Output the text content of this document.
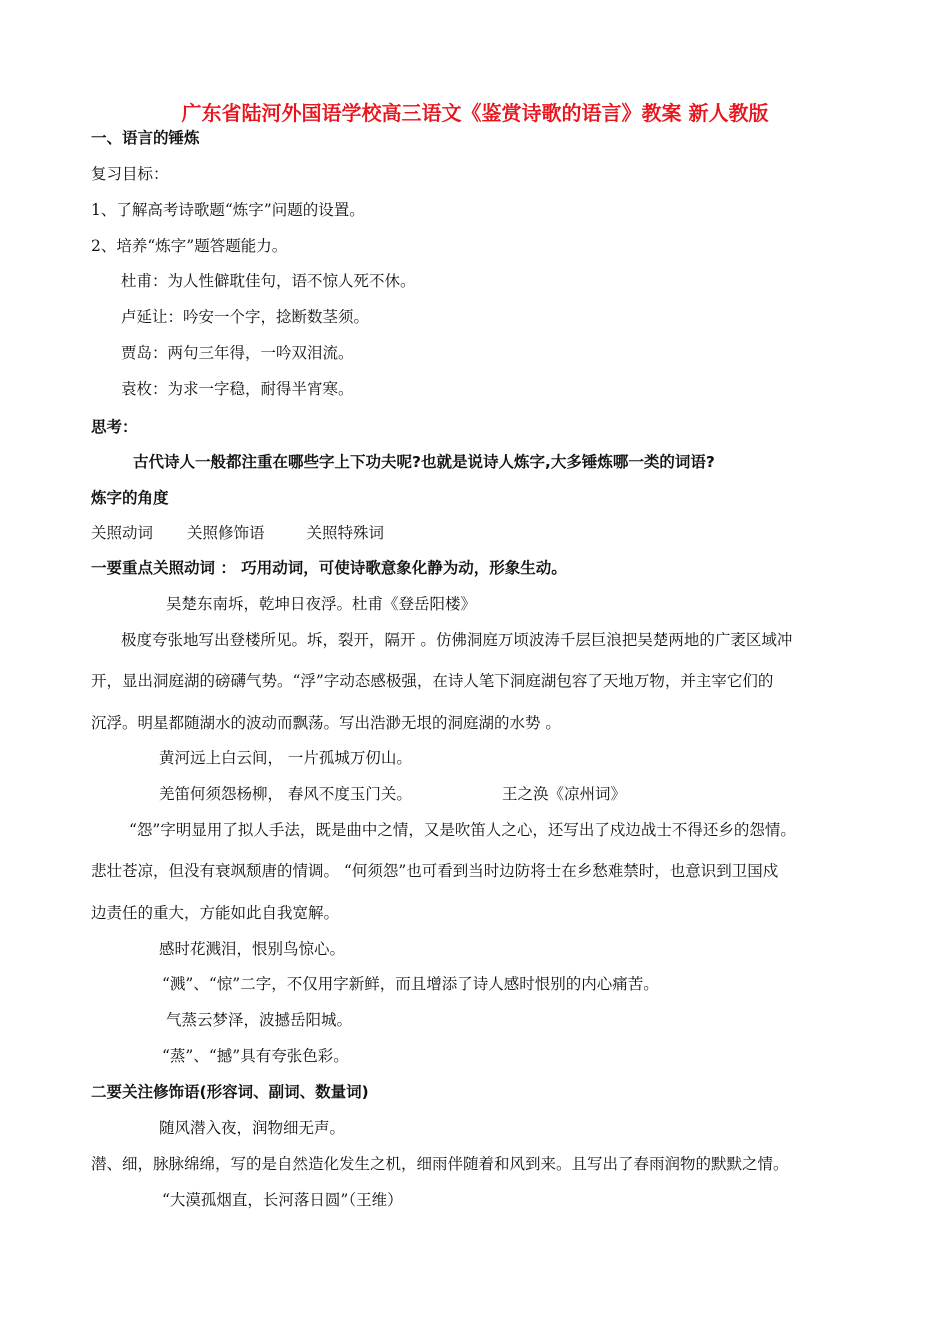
广东省陆河外国语学校高三语文《鉴赏诗歌的语言》教案 新人教版
一、语言的锤炼
复习目标：
1、了解高考诗歌题“炼字”问题的设置。
2、培养“炼字”题答题能力。
杜甫：为人性僻耽佳句，语不惊人死不休。
卢延让：吟安一个字，捻断数茎须。
贾岛：两句三年得，一吟双泪流。
袁枚：为求一字稳，耐得半宵寒。
思考：
古代诗人一般都注重在哪些字上下功夫呢?也就是说诗人炼字,大多锤炼哪一类的词语?
炼字的角度
关照动词 关照修饰语	关照特殊词
一要重点关照动词 ： 巧用动词，可使诗歌意象化静为动，形象生动。
吴楚东南坼，乾坤日夜浮。杜甫《登岳阳楼》
极度夸张地写出登楼所见。坼，裂开，隔开 。仿佛洞庭万顷波涛千层巨浪把吴楚两地的广袤区域冲
开，显出洞庭湖的磅礴气势。“浮”字动态感极强，在诗人笔下洞庭湖包容了天地万物，并主宰它们的
沉浮。明星都随湖水的波动而飘荡。写出浩渺无垠的洞庭湖的水势 。
黄河远上白云间， 一片孤城万仞山。
羌笛何须怨杨柳， 春风不度玉门关。	王之涣《凉州词》
“怨”字明显用了拟人手法，既是曲中之情，又是吹笛人之心，还写出了戍边战士不得还乡的怨情。
悲壮苍凉，但没有衰飒颓唐的情调。 “何须怨”也可看到当时边防将士在乡愁难禁时，也意识到卫国戍
边责任的重大，方能如此自我宽解。
感时花溅泪，恨别鸟惊心。
“溅”、“惊”二字，不仅用字新鲜，而且增添了诗人感时恨别的内心痛苦。
气蒸云梦泽，波撼岳阳城。
“蒸”、“撼”具有夸张色彩。
二要关注修饰语(形容词、副词、数量词)
随风潜入夜，润物细无声。
潜、细，脉脉绵绵，写的是自然造化发生之机，细雨伴随着和风到来。且写出了春雨润物的默默之情。
“大漠孤烟直，长河落日圆”（王维）
